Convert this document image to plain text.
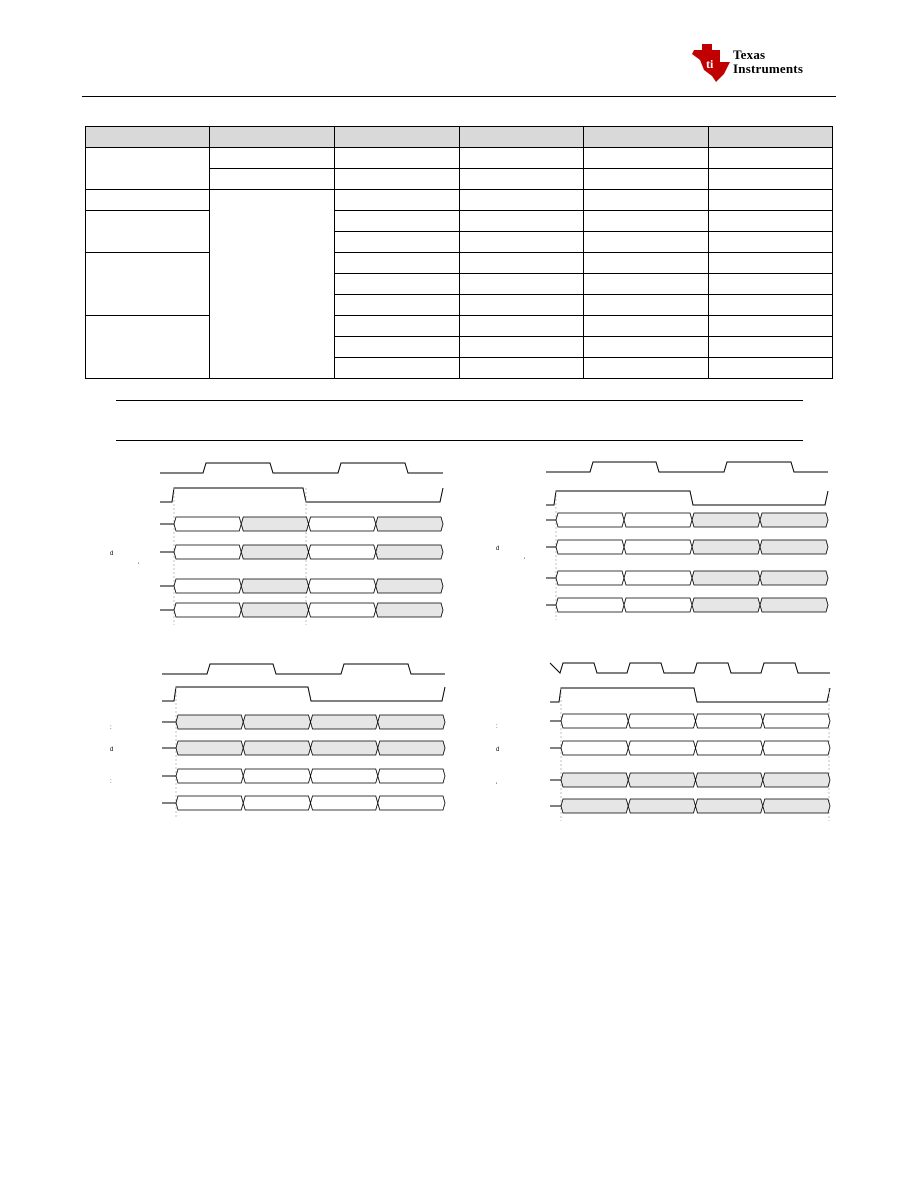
ti
Texas
Instruments

d
'
d
'
:
d
:
:
d
'
